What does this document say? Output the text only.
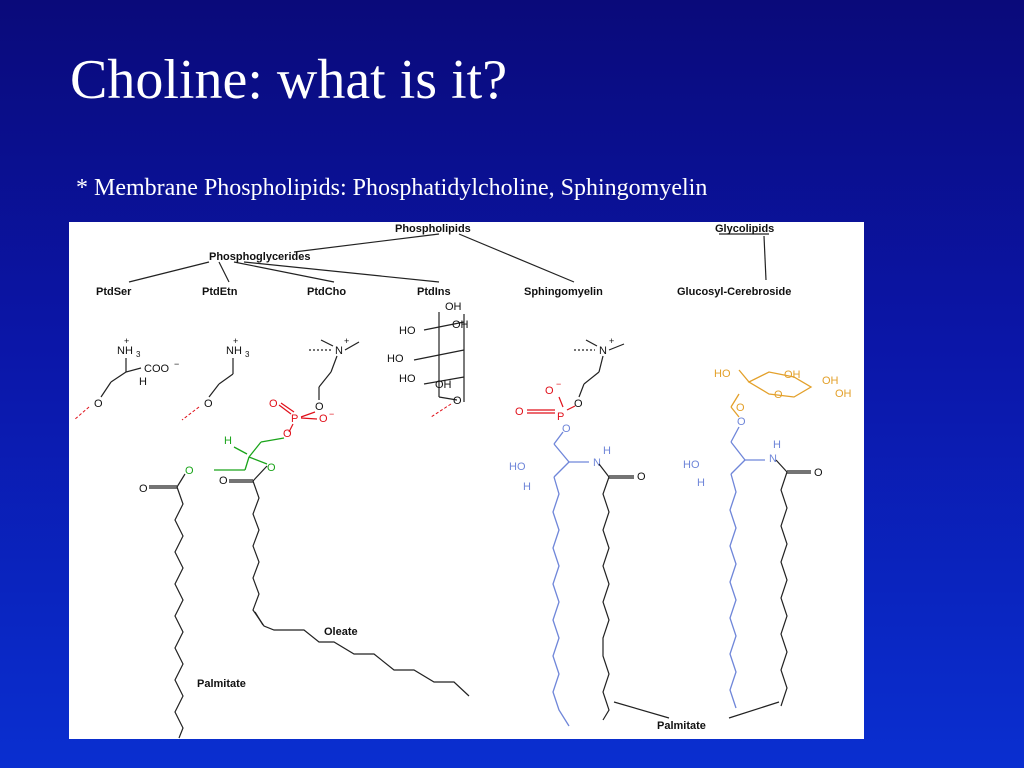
Choline: what is it?
* Membrane Phospholipids: Phosphatidylcholine, Sphingomyelin
Phospholipids	Glycolipids
Phosphoglycerides
PtdSer	PtdEtn	PtdCho	PtdIns	Sphingomyelin	Glucosyl-Cerebroside
NH 3
+
COO −
H
O
NH 3
+
O
N
+
O
P
O
O −
O
H
O	O
O
O
OH
OH
HO
HO
HO OH
O
N
+
O
P
O
−
O
O
H
N
HO
H
O
HO	OH OH
OH
O
O
O
H
N
HO
H
O
Oleate
Palmitate
Palmitate
